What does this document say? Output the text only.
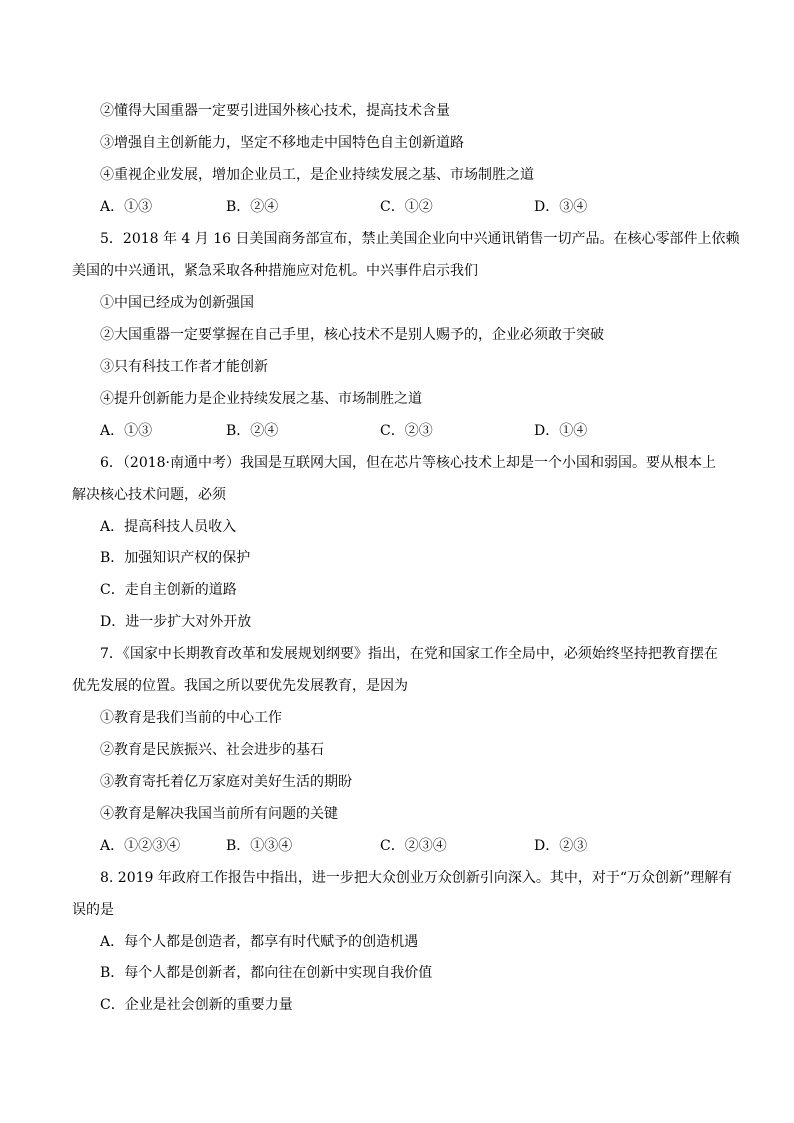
②懂得大国重器一定要引进国外核心技术，提高技术含量
③增强自主创新能力，坚定不移地走中国特色自主创新道路
④重视企业发展，增加企业员工，是企业持续发展之基、市场制胜之道
A．①③	B．②④	C．①②	D．③④
5．2018 年 4 月 16 日美国商务部宣布，禁止美国企业向中兴通讯销售一切产品。在核心零部件上依赖
美国的中兴通讯，紧急采取各种措施应对危机。中兴事件启示我们
①中国已经成为创新强国
②大国重器一定要掌握在自己手里，核心技术不是别人赐予的，企业必须敢于突破
③只有科技工作者才能创新
④提升创新能力是企业持续发展之基、市场制胜之道
A．①③	B．②④	C．②③	D．①④
6．（2018·南通中考）我国是互联网大国，但在芯片等核心技术上却是一个小国和弱国。要从根本上
解决核心技术问题，必须
A．提高科技人员收入
B．加强知识产权的保护
C．走自主创新的道路
D．进一步扩大对外开放
7．《国家中长期教育改革和发展规划纲要》指出，在党和国家工作全局中，必须始终坚持把教育摆在
优先发展的位置。我国之所以要优先发展教育，是因为
①教育是我们当前的中心工作
②教育是民族振兴、社会进步的基石
③教育寄托着亿万家庭对美好生活的期盼
④教育是解决我国当前所有问题的关键
A．①②③④	B．①③④	C．②③④	D．②③
8. 2019 年政府工作报告中指出，进一步把大众创业万众创新引向深入。其中，对于“万众创新”理解有
误的是
A．每个人都是创造者，都享有时代赋予的创造机遇
B．每个人都是创新者，都向往在创新中实现自我价值
C．企业是社会创新的重要力量
